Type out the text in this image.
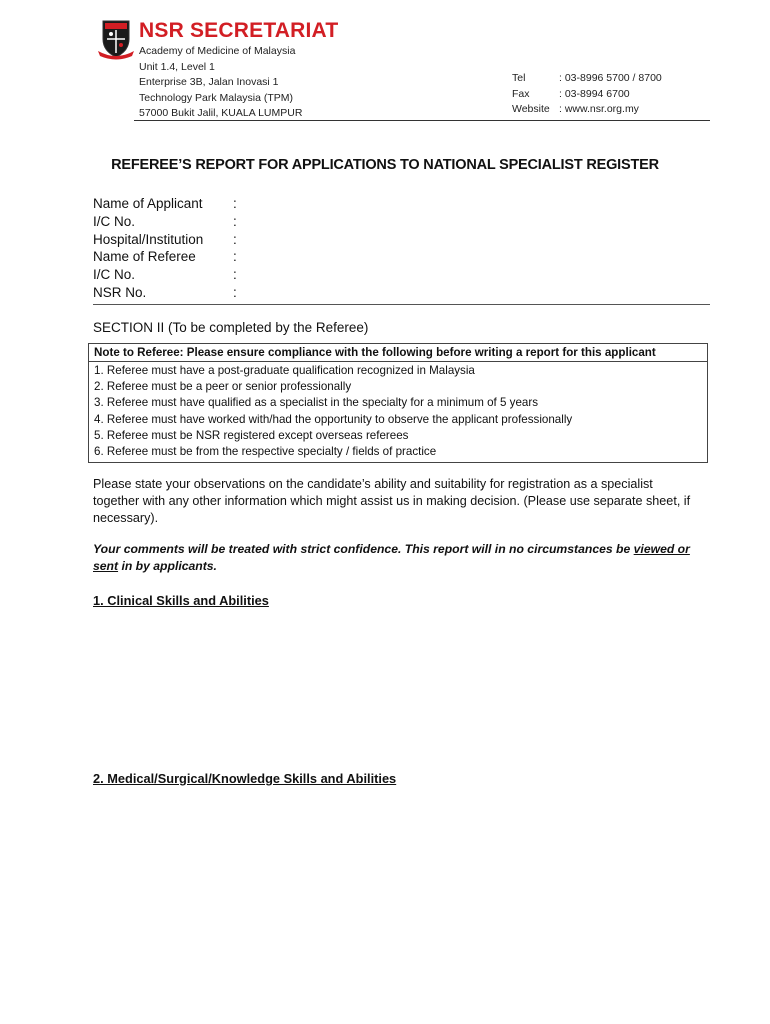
NSR SECRETARIAT
Academy of Medicine of Malaysia
Unit 1.4, Level 1
Enterprise 3B, Jalan Inovasi 1
Technology Park Malaysia (TPM)
57000 Bukit Jalil, KUALA LUMPUR
Tel	: 03-8996 5700 / 8700
Fax	: 03-8994 6700
Website : www.nsr.org.my
REFEREE’S REPORT FOR APPLICATIONS TO NATIONAL SPECIALIST REGISTER
Name of Applicant	:
I/C No.	:
Hospital/Institution	:
Name of Referee	:
I/C No.	:
NSR No.	:
SECTION II (To be completed by the Referee)
Note to Referee: Please ensure compliance with the following before writing a report for this applicant
1. Referee must have a post-graduate qualification recognized in Malaysia
2. Referee must be a peer or senior professionally
3. Referee must have qualified as a specialist in the specialty for a minimum of 5 years
4. Referee must have worked with/had the opportunity to observe the applicant professionally
5. Referee must be NSR registered except overseas referees
6. Referee must be from the respective specialty / fields of practice
Please state your observations on the candidate’s ability and suitability for registration as a specialist together with any other information which might assist us in making decision. (Please use separate sheet, if necessary).
Your comments will be treated with strict confidence. This report will in no circumstances be viewed or sent in by applicants.
1. Clinical Skills and Abilities
2. Medical/Surgical/Knowledge Skills and Abilities
